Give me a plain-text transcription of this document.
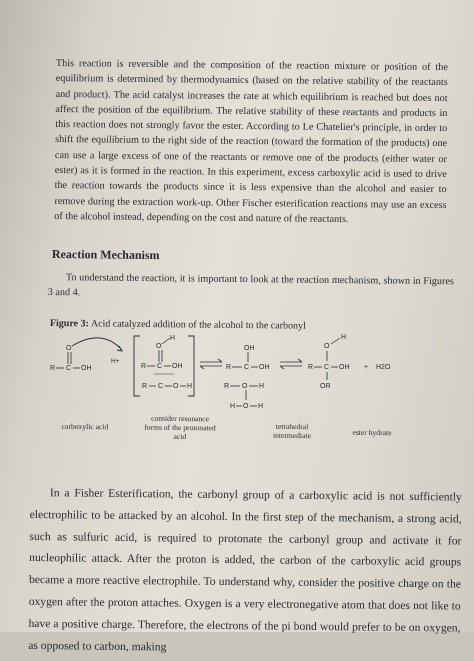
This reaction is reversible and the composition of the reaction mixture or position of the equilibrium is determined by thermodynamics (based on the relative stability of the reactants and product). The acid catalyst increases the rate at which equilibrium is reached but does not affect the position of the equilibrium. The relative stability of these reactants and products in this reaction does not strongly favor the ester. According to Le Chatelier's principle, in order to shift the equilibrium to the right side of the reaction (toward the formation of the products) one can use a large excess of one of the reactants or remove one of the products (either water or ester) as it is formed in the reaction. In this experiment, excess carboxylic acid is used to drive the reaction towards the products since it is less expensive than the alcohol and easier to remove during the extraction work-up. Other Fischer esterification reactions may use an excess of the alcohol instead, depending on the cost and nature of the reactants.
Reaction Mechanism
To understand the reaction, it is important to look at the reaction mechanism, shown in Figures 3 and 4.
Figure 3: Acid catalyzed addition of the alcohol to the carbonyl
O
R C OH
H+
O
H
R C OH
R C O H
OH
R C OH
R O H
H O H
O
H
R C OH
OR
+ H2O
carboxylic acid
consider resonance forms of the protonated acid
tetrahedral intermediate	ester hydrate
In a Fisher Esterification, the carbonyl group of a carboxylic acid is not sufficiently electrophilic to be attacked by an alcohol. In the first step of the mechanism, a strong acid, such as sulfuric acid, is required to protonate the carbonyl group and activate it for nucleophilic attack. After the proton is added, the carbon of the carboxylic acid groups became a more reactive electrophile. To understand why, consider the positive charge on the oxygen after the proton attaches. Oxygen is a very electronegative atom that does not like to have a positive charge. Therefore, the electrons of the pi bond would prefer to be on oxygen, as opposed to carbon, making
